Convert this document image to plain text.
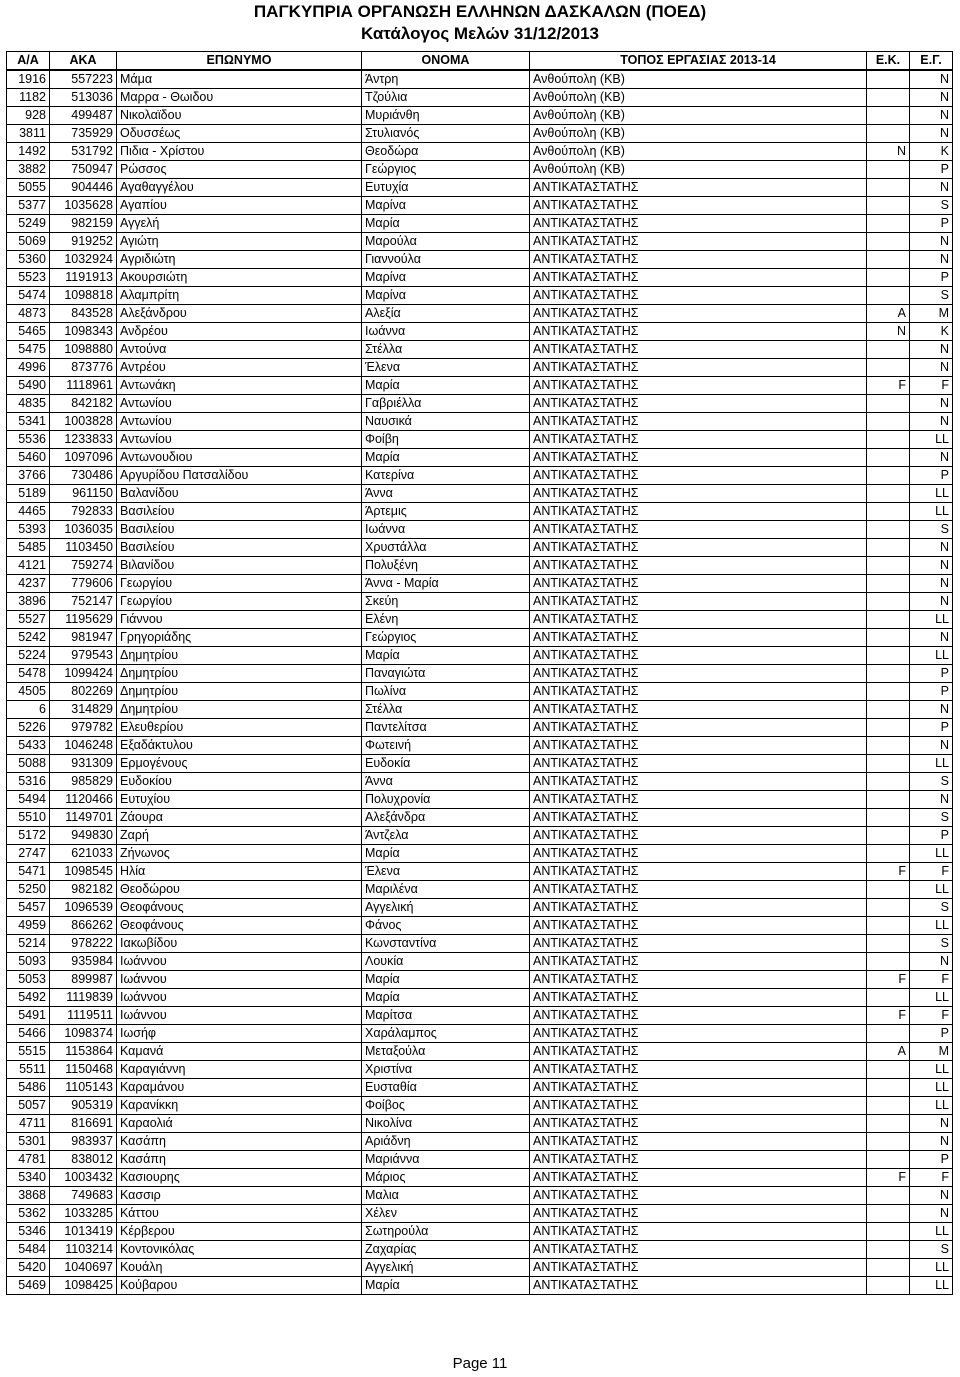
ΠΑΓΚΥΠΡΙΑ ΟΡΓΑΝΩΣΗ ΕΛΛΗΝΩΝ ΔΑΣΚΑΛΩΝ (ΠΟΕΔ)
Κατάλογος Μελών 31/12/2013
Α/Α	ΑΚΑ	ΕΠΩΝΥΜΟ	ΟΝΟΜΑ	ΤΟΠΟΣ ΕΡΓΑΣΙΑΣ 2013-14	Ε.Κ.	Ε.Γ.
1916	557223	Μάμα	Άντρη	Ανθούπολη (ΚΒ)		N
1182	513036	Μαρρα - Θωιδου	Τζούλια	Ανθούπολη (ΚΒ)		N
928	499487	Νικολαϊδου	Μυριάνθη	Ανθούπολη (ΚΒ)		N
3811	735929	Οδυσσέως	Στυλιανός	Ανθούπολη (ΚΒ)		N
1492	531792	Πιδια - Χρίστου	Θεοδώρα	Ανθούπολη (ΚΒ)	N	K
3882	750947	Ρώσσος	Γεώργιος	Ανθούπολη (ΚΒ)		P
5055	904446	Αγαθαγγέλου	Ευτυχία	ΑΝΤΙΚΑΤΑΣΤΑΤΗΣ		N
5377	1035628	Αγαπίου	Μαρίνα	ΑΝΤΙΚΑΤΑΣΤΑΤΗΣ		S
5249	982159	Αγγελή	Μαρία	ΑΝΤΙΚΑΤΑΣΤΑΤΗΣ		P
5069	919252	Αγιώτη	Μαρούλα	ΑΝΤΙΚΑΤΑΣΤΑΤΗΣ		N
5360	1032924	Αγριδιώτη	Γιαννούλα	ΑΝΤΙΚΑΤΑΣΤΑΤΗΣ		N
5523	1191913	Ακουρσιώτη	Μαρίνα	ΑΝΤΙΚΑΤΑΣΤΑΤΗΣ		P
5474	1098818	Αλαμπρίτη	Μαρίνα	ΑΝΤΙΚΑΤΑΣΤΑΤΗΣ		S
4873	843528	Αλεξάνδρου	Αλεξία	ΑΝΤΙΚΑΤΑΣΤΑΤΗΣ	A	M
5465	1098343	Ανδρέου	Ιωάννα	ΑΝΤΙΚΑΤΑΣΤΑΤΗΣ	N	K
5475	1098880	Αντούνα	Στέλλα	ΑΝΤΙΚΑΤΑΣΤΑΤΗΣ		N
4996	873776	Αντρέου	Έλενα	ΑΝΤΙΚΑΤΑΣΤΑΤΗΣ		N
5490	1118961	Αντωνάκη	Μαρία	ΑΝΤΙΚΑΤΑΣΤΑΤΗΣ	F	F
4835	842182	Αντωνίου	Γαβριέλλα	ΑΝΤΙΚΑΤΑΣΤΑΤΗΣ		N
5341	1003828	Αντωνίου	Ναυσικά	ΑΝΤΙΚΑΤΑΣΤΑΤΗΣ		N
5536	1233833	Αντωνίου	Φοίβη	ΑΝΤΙΚΑΤΑΣΤΑΤΗΣ		LL
5460	1097096	Αντωνουδιου	Μαρία	ΑΝΤΙΚΑΤΑΣΤΑΤΗΣ		N
3766	730486	Αργυρίδου Πατσαλίδου	Κατερίνα	ΑΝΤΙΚΑΤΑΣΤΑΤΗΣ		P
5189	961150	Βαλανίδου	Άννα	ΑΝΤΙΚΑΤΑΣΤΑΤΗΣ		LL
4465	792833	Βασιλείου	Άρτεμις	ΑΝΤΙΚΑΤΑΣΤΑΤΗΣ		LL
5393	1036035	Βασιλείου	Ιωάννα	ΑΝΤΙΚΑΤΑΣΤΑΤΗΣ		S
5485	1103450	Βασιλείου	Χρυστάλλα	ΑΝΤΙΚΑΤΑΣΤΑΤΗΣ		N
4121	759274	Βιλανίδου	Πολυξένη	ΑΝΤΙΚΑΤΑΣΤΑΤΗΣ		N
4237	779606	Γεωργίου	Άννα - Μαρία	ΑΝΤΙΚΑΤΑΣΤΑΤΗΣ		N
3896	752147	Γεωργίου	Σκεύη	ΑΝΤΙΚΑΤΑΣΤΑΤΗΣ		N
5527	1195629	Γιάννου	Ελένη	ΑΝΤΙΚΑΤΑΣΤΑΤΗΣ		LL
5242	981947	Γρηγοριάδης	Γεώργιος	ΑΝΤΙΚΑΤΑΣΤΑΤΗΣ		N
5224	979543	Δημητρίου	Μαρία	ΑΝΤΙΚΑΤΑΣΤΑΤΗΣ		LL
5478	1099424	Δημητρίου	Παναγιώτα	ΑΝΤΙΚΑΤΑΣΤΑΤΗΣ		P
4505	802269	Δημητρίου	Πωλίνα	ΑΝΤΙΚΑΤΑΣΤΑΤΗΣ		P
6	314829	Δημητρίου	Στέλλα	ΑΝΤΙΚΑΤΑΣΤΑΤΗΣ		N
5226	979782	Ελευθερίου	Παντελίτσα	ΑΝΤΙΚΑΤΑΣΤΑΤΗΣ		P
5433	1046248	Εξαδάκτυλου	Φωτεινή	ΑΝΤΙΚΑΤΑΣΤΑΤΗΣ		N
5088	931309	Ερμογένους	Ευδοκία	ΑΝΤΙΚΑΤΑΣΤΑΤΗΣ		LL
5316	985829	Ευδοκίου	Άννα	ΑΝΤΙΚΑΤΑΣΤΑΤΗΣ		S
5494	1120466	Ευτυχίου	Πολυχρονία	ΑΝΤΙΚΑΤΑΣΤΑΤΗΣ		N
5510	1149701	Ζάουρα	Αλεξάνδρα	ΑΝΤΙΚΑΤΑΣΤΑΤΗΣ		S
5172	949830	Ζαρή	Άντζελα	ΑΝΤΙΚΑΤΑΣΤΑΤΗΣ		P
2747	621033	Ζήνωνος	Μαρία	ΑΝΤΙΚΑΤΑΣΤΑΤΗΣ		LL
5471	1098545	Ηλία	Έλενα	ΑΝΤΙΚΑΤΑΣΤΑΤΗΣ	F	F
5250	982182	Θεοδώρου	Μαριλένα	ΑΝΤΙΚΑΤΑΣΤΑΤΗΣ		LL
5457	1096539	Θεοφάνους	Αγγελική	ΑΝΤΙΚΑΤΑΣΤΑΤΗΣ		S
4959	866262	Θεοφάνους	Φάνος	ΑΝΤΙΚΑΤΑΣΤΑΤΗΣ		LL
5214	978222	Ιακωβίδου	Κωνσταντίνα	ΑΝΤΙΚΑΤΑΣΤΑΤΗΣ		S
5093	935984	Ιωάννου	Λουκία	ΑΝΤΙΚΑΤΑΣΤΑΤΗΣ		N
5053	899987	Ιωάννου	Μαρία	ΑΝΤΙΚΑΤΑΣΤΑΤΗΣ	F	F
5492	1119839	Ιωάννου	Μαρία	ΑΝΤΙΚΑΤΑΣΤΑΤΗΣ		LL
5491	1119511	Ιωάννου	Μαρίτσα	ΑΝΤΙΚΑΤΑΣΤΑΤΗΣ	F	F
5466	1098374	Ιωσήφ	Χαράλαμπος	ΑΝΤΙΚΑΤΑΣΤΑΤΗΣ		P
5515	1153864	Καμανά	Μεταξούλα	ΑΝΤΙΚΑΤΑΣΤΑΤΗΣ	A	M
5511	1150468	Καραγιάννη	Χριστίνα	ΑΝΤΙΚΑΤΑΣΤΑΤΗΣ		LL
5486	1105143	Καραμάνου	Ευσταθία	ΑΝΤΙΚΑΤΑΣΤΑΤΗΣ		LL
5057	905319	Καρανίκκη	Φοίβος	ΑΝΤΙΚΑΤΑΣΤΑΤΗΣ		LL
4711	816691	Καραολιά	Νικολίνα	ΑΝΤΙΚΑΤΑΣΤΑΤΗΣ		N
5301	983937	Κασάπη	Αριάδνη	ΑΝΤΙΚΑΤΑΣΤΑΤΗΣ		N
4781	838012	Κασάπη	Μαριάννα	ΑΝΤΙΚΑΤΑΣΤΑΤΗΣ		P
5340	1003432	Κασιουρης	Μάριος	ΑΝΤΙΚΑΤΑΣΤΑΤΗΣ	F	F
3868	749683	Κασσιρ	Μαλια	ΑΝΤΙΚΑΤΑΣΤΑΤΗΣ		N
5362	1033285	Κάττου	Χέλεν	ΑΝΤΙΚΑΤΑΣΤΑΤΗΣ		N
5346	1013419	Κέρβερου	Σωτηρούλα	ΑΝΤΙΚΑΤΑΣΤΑΤΗΣ		LL
5484	1103214	Κοντονικόλας	Ζαχαρίας	ΑΝΤΙΚΑΤΑΣΤΑΤΗΣ		S
5420	1040697	Κουάλη	Αγγελική	ΑΝΤΙΚΑΤΑΣΤΑΤΗΣ		LL
5469	1098425	Κούβαρου	Μαρία	ΑΝΤΙΚΑΤΑΣΤΑΤΗΣ		LL
Page 11
